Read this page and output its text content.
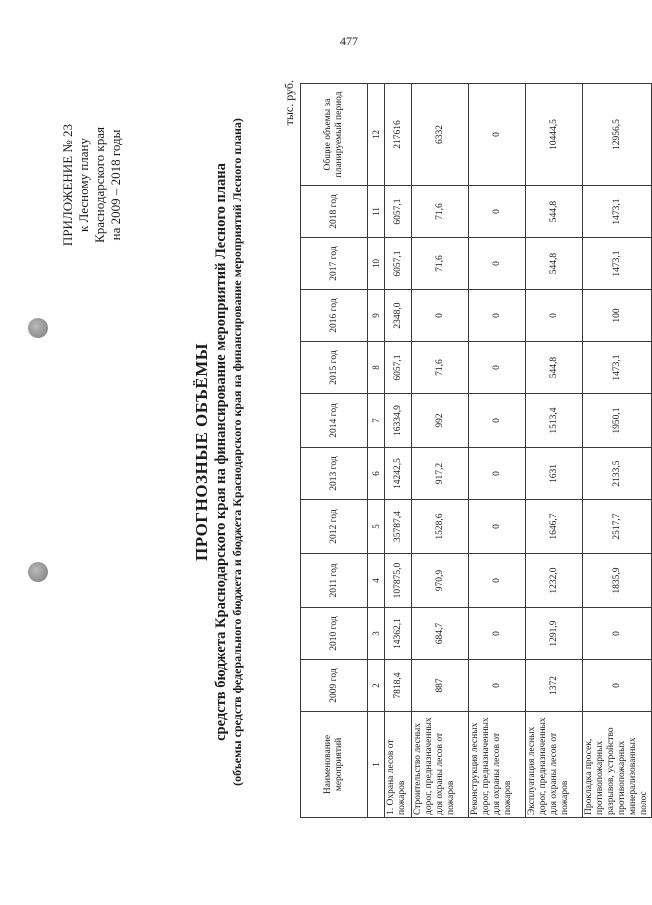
477
ПРИЛОЖЕНИЕ № 23 к Лесному плану Краснодарского края на 2009 – 2018 годы
ПРОГНОЗНЫЕ ОБЪЁМЫ средств бюджета Краснодарского края на финансирование мероприятий Лесного плана (объемы средств федерального бюджета и бюджета Краснодарского края на финансирование мероприятий Лесного плана)
тыс. руб.
Наименование мероприятий	2009 год	2010 год	2011 год	2012 год	2013 год	2014 год	2015 год	2016 год	2017 год	2018 год	Общие объемы за планируемый период
1	2	3	4	5	6	7	8	9	10	11	12
1. Охрана лесов от пожаров	7818,4	14362,1	107875,0	35787,4	14242,5	16334,9	6057,1	2348,0	6057,1	6057,1	217616
Строительство лесных дорог, предназначенных для охраны лесов от пожаров	887	684,7	970,9	1528,6	917,2	992	71,6	0	71,6	71,6	6332
Реконструкция лесных дорог, предназначенных для охраны лесов от пожаров	0	0	0	0	0	0	0	0	0	0	0
Эксплуатация лесных дорог, предназначенных для охраны лесов от пожаров	1372	1291,9	1232,0	1646,7	1631	1513,4	544,8	0	544,8	544,8	10444,5
Прокладка просек, противопожарных разрывов, устройство противопожарных минерализованных полос	0	0	1835,9	2517,7	2133,5	1950,1	1473,1	100	1473,1	1473,1	12956,5
